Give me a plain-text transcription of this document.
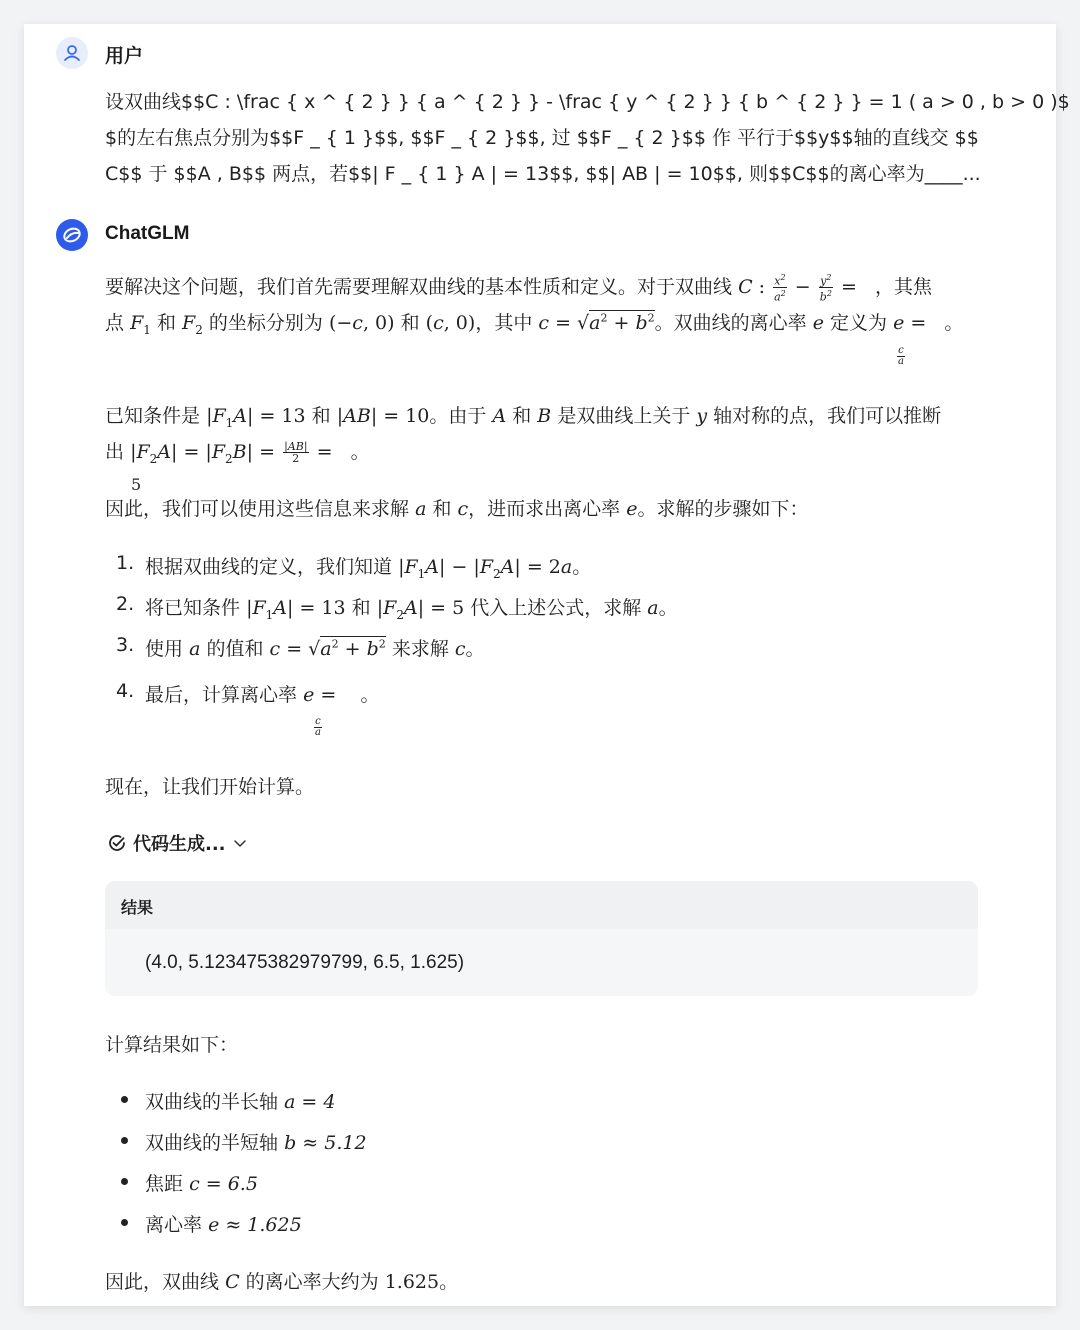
用户
设双曲线$$C : \frac { x ^ { 2 } } { a ^ { 2 } } - \frac { y ^ { 2 } } { b ^ { 2 } } = 1 ( a > 0 , b > 0 )$
$的左右焦点分别为$$F _ { 1 }$$, $$F _ { 2 }$$, 过 $$F _ { 2 }$$ 作 平行于$$y$$轴的直线交 $$
C$$ 于 $$A , B$$ 两点，若$$| F _ { 1 } A | = 13$$, $$| AB | = 10$$, 则$$C$$的离心率为____...
ChatGLM
要解决这个问题，我们首先需要理解双曲线的基本性质和定义。对于双曲线 C : $\frac{x^2}{a^2} - \frac{y^2}{b^2}$ = ，其焦
点 $F_1$ 和 $F_2$ 的坐标分别为 (−c, 0) 和 (c, 0)，其中 $c = √a^2 + b^2$。双曲线的离心率 e 定义为 e = 。
$\frac{c}{a}$
已知条件是 $|F_1A| = 13$ 和 |AB| = 10。由于 A 和 B 是双曲线上关于 y 轴对称的点，我们可以推断
出 $|F_2A| = |F_2B| = \frac{|AB|}{2}$ = 。
5
因此，我们可以使用这些信息来求解 a 和 c，进而求出离心率 e。求解的步骤如下：
1. 根据双曲线的定义，我们知道 $|F_1A| - |F_2A| = 2a$。
2. 将已知条件 $|F_1A| = 13$ 和 $|F_2A| = 5$ 代入上述公式，求解 a。
3. 使用 a 的值和 $c = √a^2 + b^2$ 来求解 c。
4. 最后，计算离心率 e = 。
$\frac{c}{a}$
现在，让我们开始计算。
代码生成...
结果
(4.0, 5.123475382979799, 6.5, 1.625)
计算结果如下：
双曲线的半长轴 a = 4
双曲线的半短轴 b ≈ 5.12
焦距 c = 6.5
离心率 e ≈ 1.625
因此，双曲线 C 的离心率大约为 1.625。
